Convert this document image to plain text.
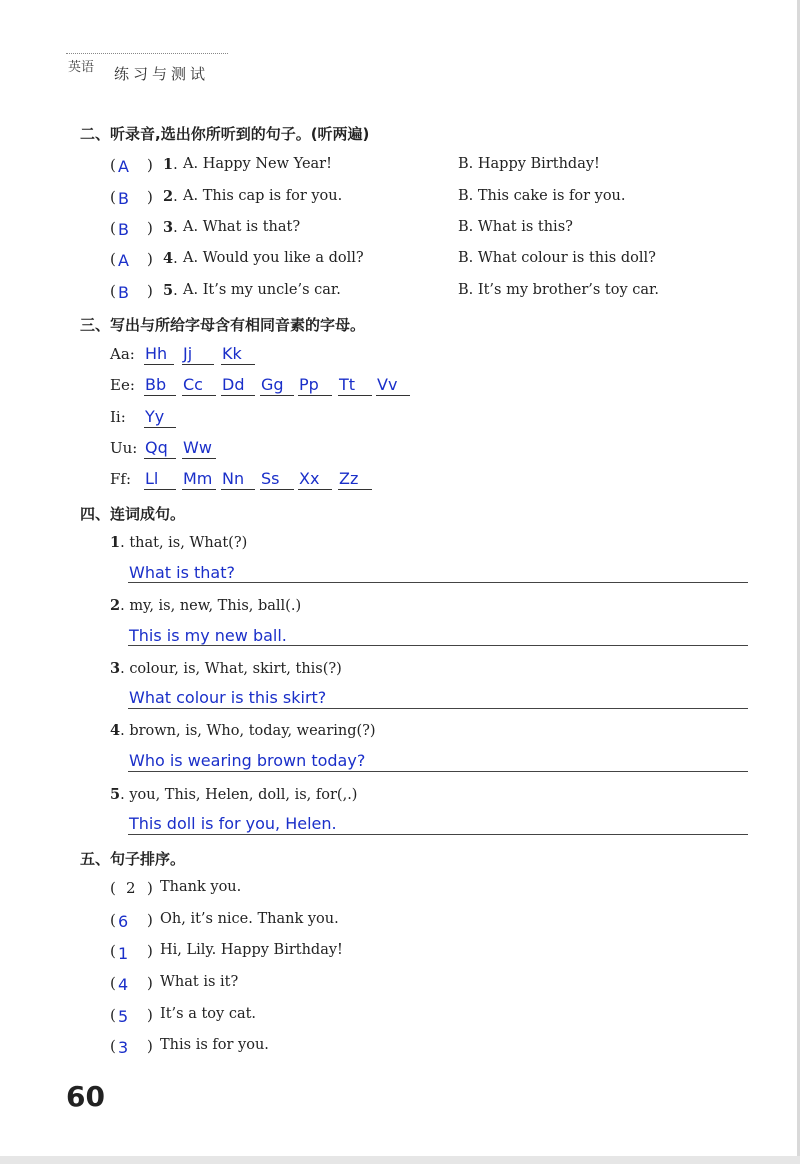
英语 练习与测试
二、听录音,选出你所听到的句子。(听两遍)
( A ) 1. A. Happy New Year!	B. Happy Birthday!
( B ) 2. A. This cap is for you.	B. This cake is for you.
( B ) 3. A. What is that?	B. What is this?
( A ) 4. A. Would you like a doll?	B. What colour is this doll?
( B ) 5. A. It’s my uncle’s car.	B. It’s my brother’s toy car.
三、写出与所给字母含有相同音素的字母。
Aa: Hh Jj	Kk
Ee: Bb	Cc	Dd	Gg Pp	Tt	Vv
Ii: Yy
Uu: Qq Ww
Ff: Ll	Mm Nn	Ss	Xx	Zz
四、连词成句。
1. that, is, What(?)
What is that?
2. my, is, new, This, ball(.)
This is my new ball.
3. colour, is, What, skirt, this(?)
What colour is this skirt?
4. brown, is, Who, today, wearing(?)
Who is wearing brown today?
5. you, This, Helen, doll, is, for(,.)
This doll is for you, Helen.
五、句子排序。
( 2 ) Thank you.
( 6 ) Oh, it’s nice. Thank you.
( 1 ) Hi, Lily. Happy Birthday!
( 4 ) What is it?
( 5 ) It’s a toy cat.
( 3 ) This is for you.
60
